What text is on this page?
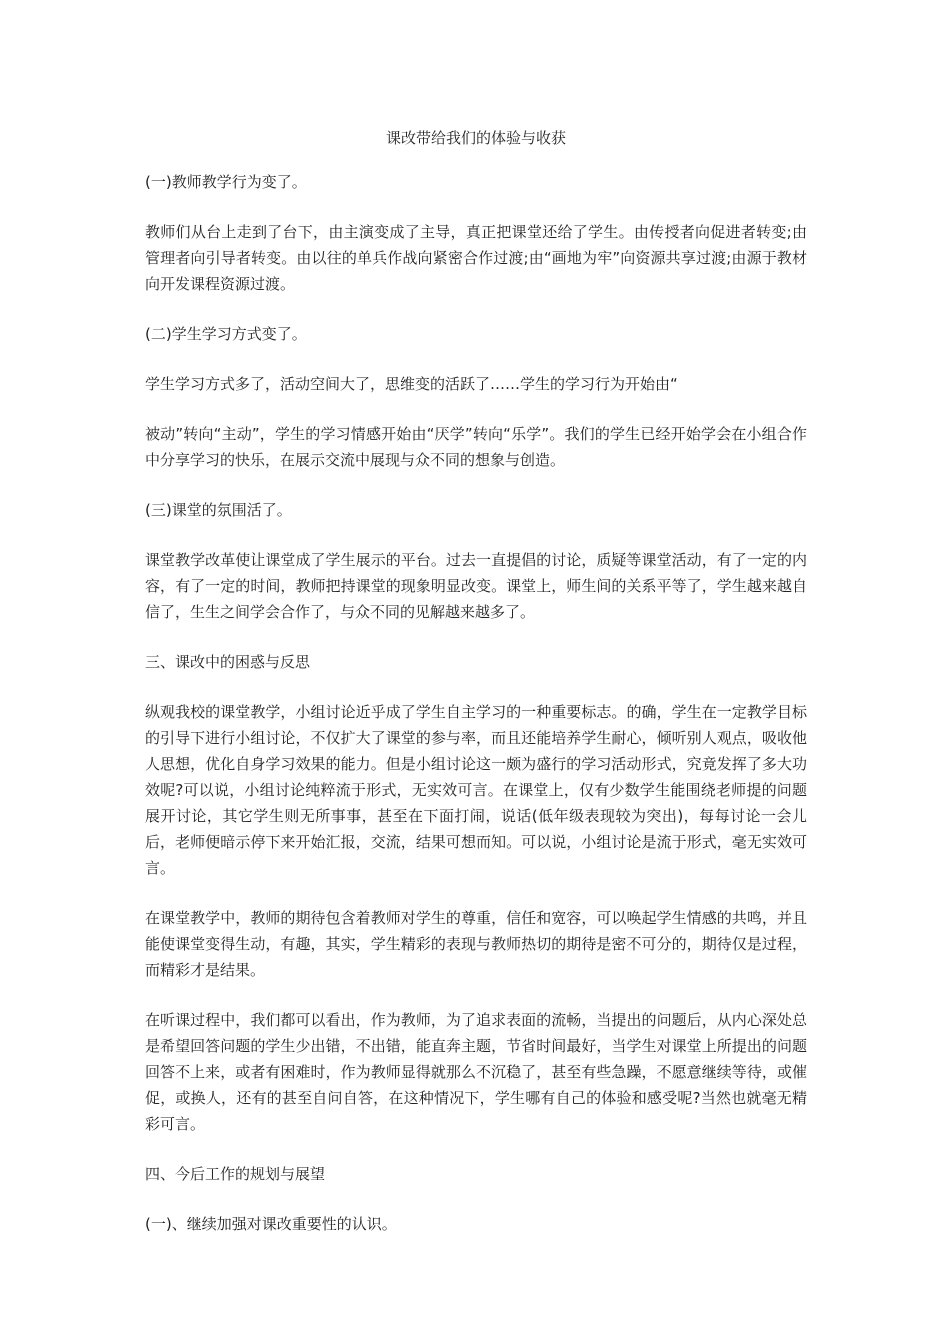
课改带给我们的体验与收获

(一)教师教学行为变了。

教师们从台上走到了台下，由主演变成了主导，真正把课堂还给了学生。由传授者向促进者转变;由管理者向引导者转变。由以往的单兵作战向紧密合作过渡;由“画地为牢”向资源共享过渡;由源于教材向开发课程资源过渡。

(二)学生学习方式变了。

学生学习方式多了，活动空间大了，思维变的活跃了……学生的学习行为开始由“

被动”转向“主动”，学生的学习情感开始由“厌学”转向“乐学”。我们的学生已经开始学会在小组合作中分享学习的快乐，在展示交流中展现与众不同的想象与创造。

(三)课堂的氛围活了。

课堂教学改革使让课堂成了学生展示的平台。过去一直提倡的讨论，质疑等课堂活动，有了一定的内容，有了一定的时间，教师把持课堂的现象明显改变。课堂上，师生间的关系平等了，学生越来越自信了，生生之间学会合作了，与众不同的见解越来越多了。

三、课改中的困惑与反思

纵观我校的课堂教学，小组讨论近乎成了学生自主学习的一种重要标志。的确，学生在一定教学目标的引导下进行小组讨论，不仅扩大了课堂的参与率，而且还能培养学生耐心，倾听别人观点，吸收他人思想，优化自身学习效果的能力。但是小组讨论这一颇为盛行的学习活动形式，究竟发挥了多大功效呢?可以说，小组讨论纯粹流于形式，无实效可言。在课堂上，仅有少数学生能围绕老师提的问题展开讨论，其它学生则无所事事，甚至在下面打闹，说话(低年级表现较为突出)，每每讨论一会儿后，老师便暗示停下来开始汇报，交流，结果可想而知。可以说，小组讨论是流于形式，毫无实效可言。

在课堂教学中，教师的期待包含着教师对学生的尊重，信任和宽容，可以唤起学生情感的共鸣，并且能使课堂变得生动，有趣，其实，学生精彩的表现与教师热切的期待是密不可分的，期待仅是过程，而精彩才是结果。

在听课过程中，我们都可以看出，作为教师，为了追求表面的流畅，当提出的问题后，从内心深处总是希望回答问题的学生少出错，不出错，能直奔主题，节省时间最好，当学生对课堂上所提出的问题回答不上来，或者有困难时，作为教师显得就那么不沉稳了，甚至有些急躁，不愿意继续等待，或催促，或换人，还有的甚至自问自答，在这种情况下，学生哪有自己的体验和感受呢?当然也就毫无精彩可言。

四、今后工作的规划与展望

(一)、继续加强对课改重要性的认识。
